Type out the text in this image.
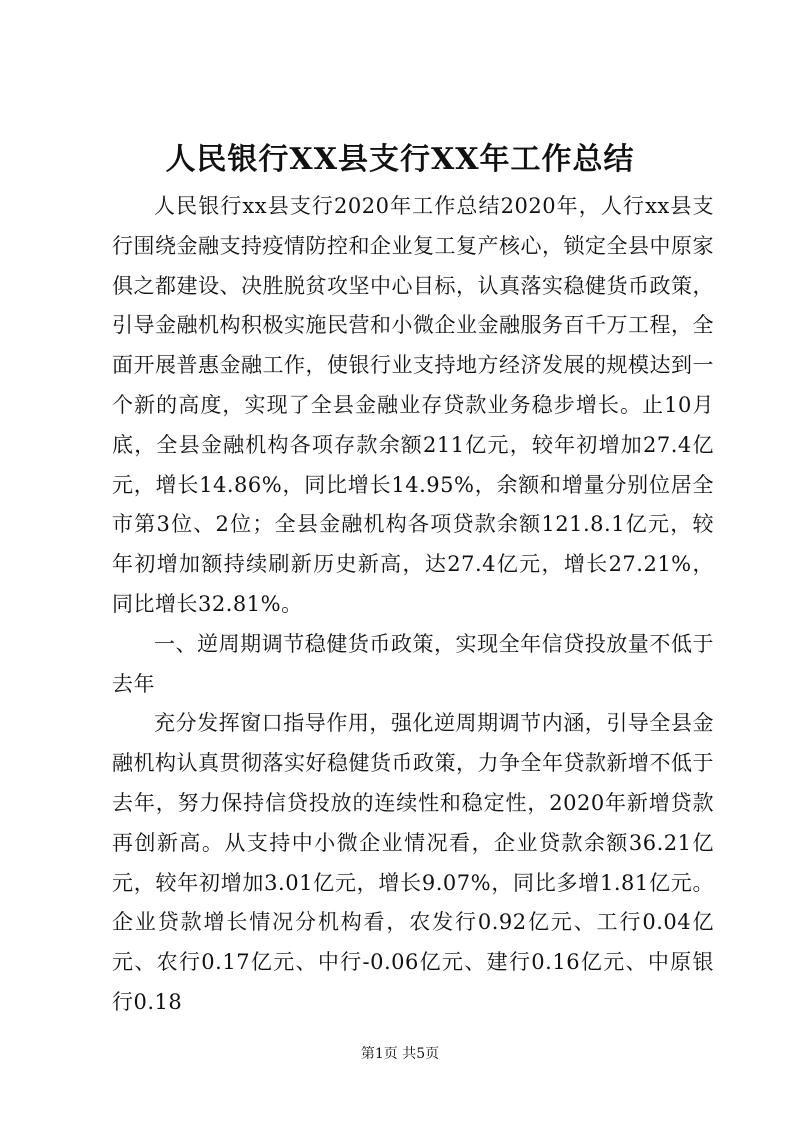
人民银行XX县支行XX年工作总结

人民银行xx县支行2020年工作总结2020年，人行xx县支行围绕金融支持疫情防控和企业复工复产核心，锁定全县中原家俱之都建设、决胜脱贫攻坚中心目标，认真落实稳健货币政策，引导金融机构积极实施民营和小微企业金融服务百千万工程，全面开展普惠金融工作，使银行业支持地方经济发展的规模达到一个新的高度，实现了全县金融业存贷款业务稳步增长。止10月底，全县金融机构各项存款余额211亿元，较年初增加27.4亿元，增长14.86%，同比增长14.95%，余额和增量分别位居全市第3位、2位；全县金融机构各项贷款余额121.8.1亿元，较年初增加额持续刷新历史新高，达27.4亿元，增长27.21%，同比增长32.81%。

一、逆周期调节稳健货币政策，实现全年信贷投放量不低于去年

充分发挥窗口指导作用，强化逆周期调节内涵，引导全县金融机构认真贯彻落实好稳健货币政策，力争全年贷款新增不低于去年，努力保持信贷投放的连续性和稳定性，2020年新增贷款再创新高。从支持中小微企业情况看，企业贷款余额36.21亿元，较年初增加3.01亿元，增长9.07%，同比多增1.81亿元。企业贷款增长情况分机构看，农发行0.92亿元、工行0.04亿元、农行0.17亿元、中行-0.06亿元、建行0.16亿元、中原银行0.18

第1页 共5页
